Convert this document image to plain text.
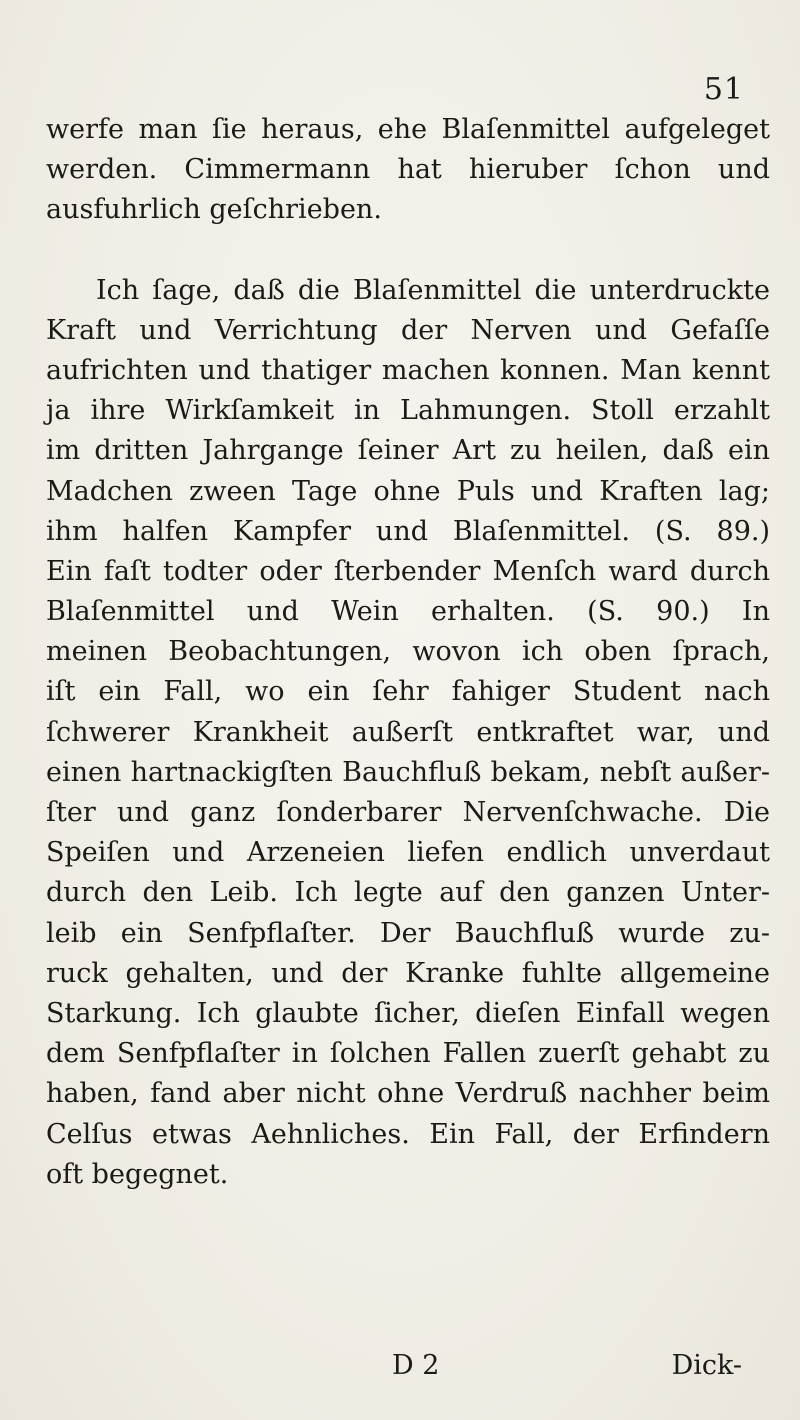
51
werfe man ſie heraus, ehe Blaſenmittel aufgeleget
werden. Cimmermann hat hieruber ſchon und
ausfuhrlich geſchrieben.
Ich ſage, daß die Blaſenmittel die unterdruckte
Kraft und Verrichtung der Nerven und Gefaſſe
aufrichten und thatiger machen konnen. Man kennt
ja ihre Wirkſamkeit in Lahmungen. Stoll erzahlt
im dritten Jahrgange ſeiner Art zu heilen, daß ein
Madchen zween Tage ohne Puls und Kraften lag;
ihm halfen Kampfer und Blaſenmittel. (S. 89.)
Ein faſt todter oder ſterbender Menſch ward durch
Blaſenmittel und Wein erhalten. (S. 90.) In
meinen Beobachtungen, wovon ich oben ſprach,
iſt ein Fall, wo ein ſehr fahiger Student nach
ſchwerer Krankheit außerſt entkraftet war, und
einen hartnackigſten Bauchfluß bekam, nebſt außer-
ſter und ganz ſonderbarer Nervenſchwache. Die
Speiſen und Arzeneien liefen endlich unverdaut
durch den Leib. Ich legte auf den ganzen Unter-
leib ein Senfpflaſter. Der Bauchfluß wurde zu-
ruck gehalten, und der Kranke fuhlte allgemeine
Starkung. Ich glaubte ſicher, dieſen Einfall wegen
dem Senfpflaſter in ſolchen Fallen zuerſt gehabt zu
haben, fand aber nicht ohne Verdruß nachher beim
Celſus etwas Aehnliches. Ein Fall, der Erfindern
oft begegnet.
D 2	Dick-
